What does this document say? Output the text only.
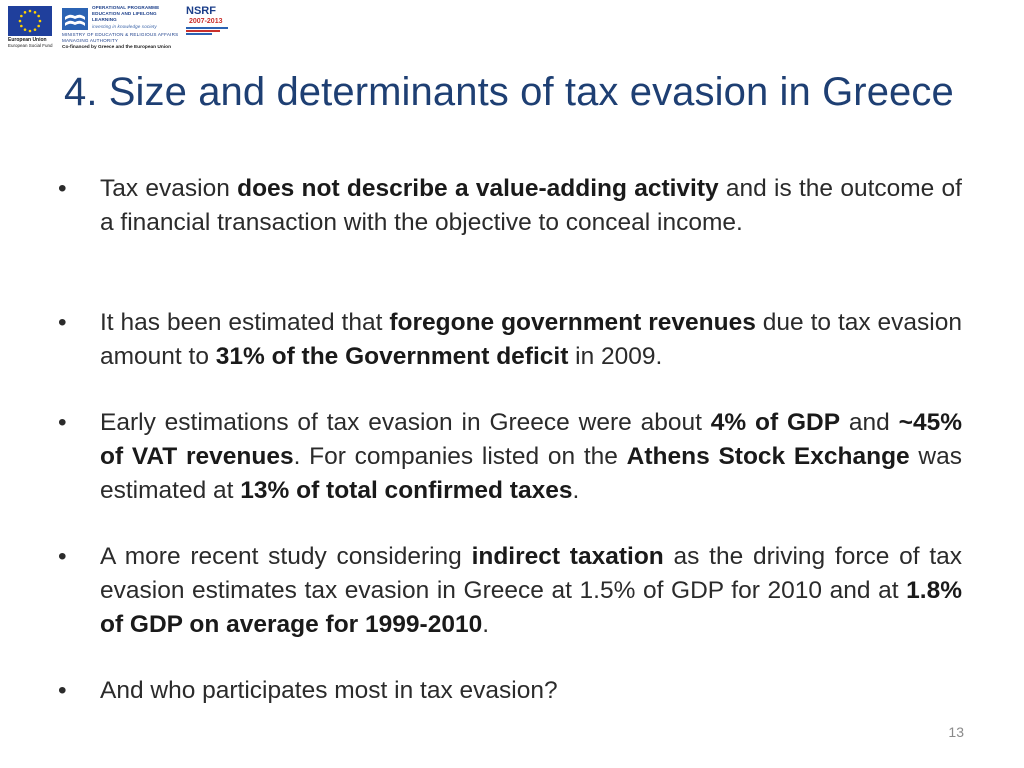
European Union
European Social Fund
OPERATIONAL PROGRAMME
EDUCATION AND LIFELONG LEARNING
investing in knowledge society
MINISTRY OF EDUCATION & RELIGIOUS AFFAIRS
MANAGING AUTHORITY
Co-financed by Greece and the European Union
NSRF
2007-2013
4. Size and determinants of tax evasion in Greece
• Tax evasion does not describe a value-adding activity and is the outcome of a financial transaction with the objective to conceal income.
• It has been estimated that foregone government revenues due to tax evasion amount to 31% of the Government deficit in 2009.
• Early estimations of tax evasion in Greece were about 4% of GDP and ~45% of VAT revenues. For companies listed on the Athens Stock Exchange was estimated at 13% of total confirmed taxes.
• A more recent study considering indirect taxation as the driving force of tax evasion estimates tax evasion in Greece at 1.5% of GDP for 2010 and at 1.8% of GDP on average for 1999-2010.
• And who participates most in tax evasion?
13
